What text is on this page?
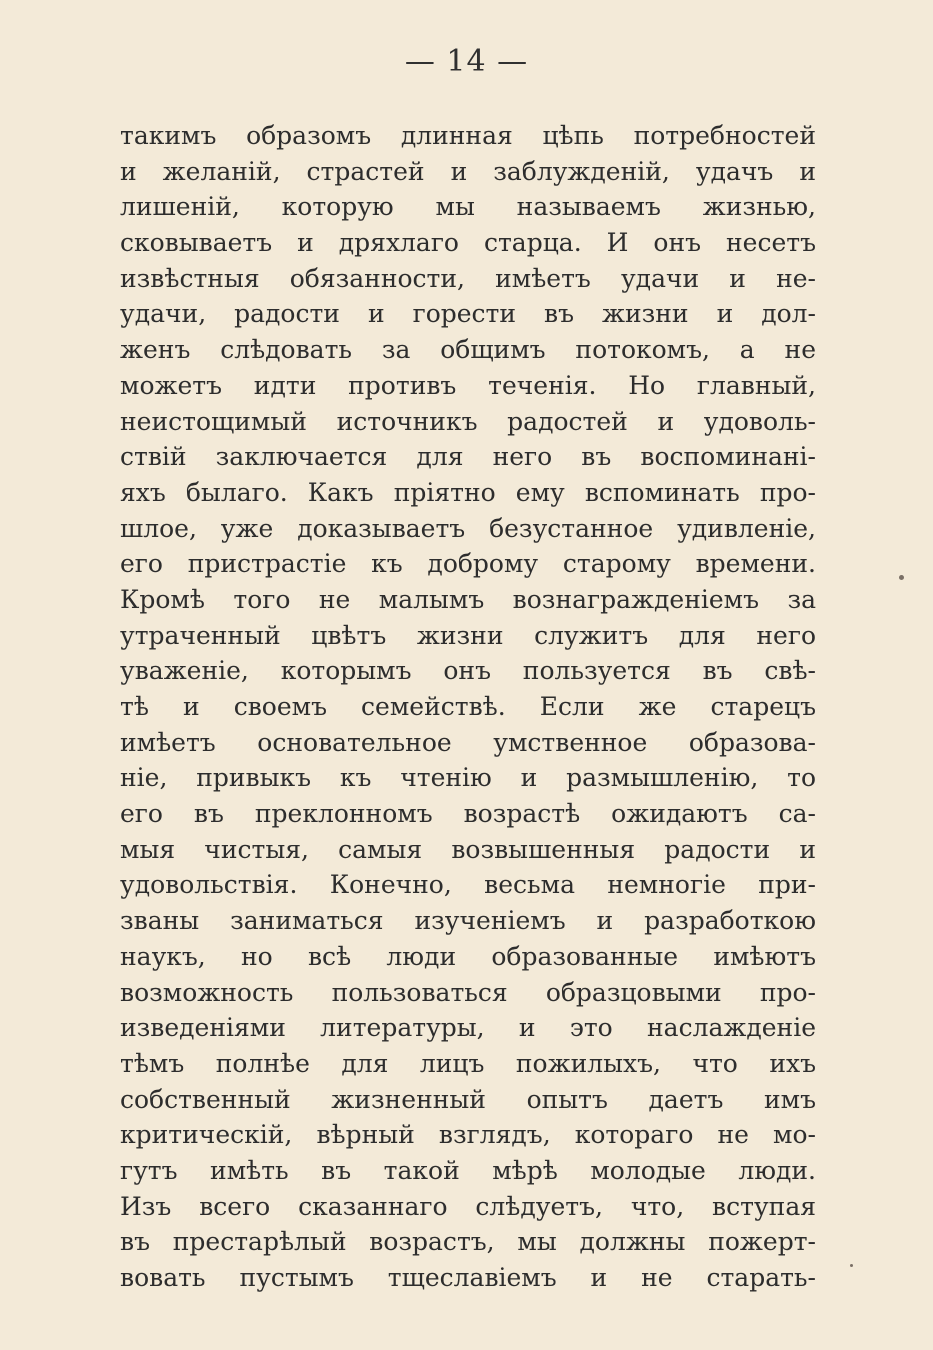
— 14 —
такимъ образомъ длинная цѣпь потребностей
и желаній, страстей и заблужденій, удачъ и
лишеній, которую мы называемъ жизнью,
сковываетъ и дряхлаго старца. И онъ несетъ
извѣстныя обязанности, имѣетъ удачи и не-
удачи, радости и горести въ жизни и дол-
женъ слѣдовать за общимъ потокомъ, а не
можетъ идти противъ теченія. Но главный,
неистощимый источникъ радостей и удоволь-
ствій заключается для него въ воспоминані-
яхъ былаго. Какъ пріятно ему вспоминать про-
шлое, уже доказываетъ безустанное удивленіе,
его пристрастіе къ доброму старому времени.
Кромѣ того не малымъ вознагражденіемъ за
утраченный цвѣтъ жизни служитъ для него
уваженіе, которымъ онъ пользуется въ свѣ-
тѣ и своемъ семействѣ. Если же старецъ
имѣетъ основательное умственное образова-
ніе, привыкъ къ чтенію и размышленію, то
его въ преклонномъ возрастѣ ожидаютъ са-
мыя чистыя, самыя возвышенныя радости и
удовольствія. Конечно, весьма немногіе при-
званы заниматься изученіемъ и разработкою
наукъ, но всѣ люди образованные имѣютъ
возможность пользоваться образцовыми про-
изведеніями литературы, и это наслажденіе
тѣмъ полнѣе для лицъ пожилыхъ, что ихъ
собственный жизненный опытъ даетъ имъ
критическій, вѣрный взглядъ, котораго не мо-
гутъ имѣть въ такой мѣрѣ молодые люди.
Изъ всего сказаннаго слѣдуетъ, что, вступая
въ престарѣлый возрастъ, мы должны пожерт-
вовать пустымъ тщеславіемъ и не старать-
